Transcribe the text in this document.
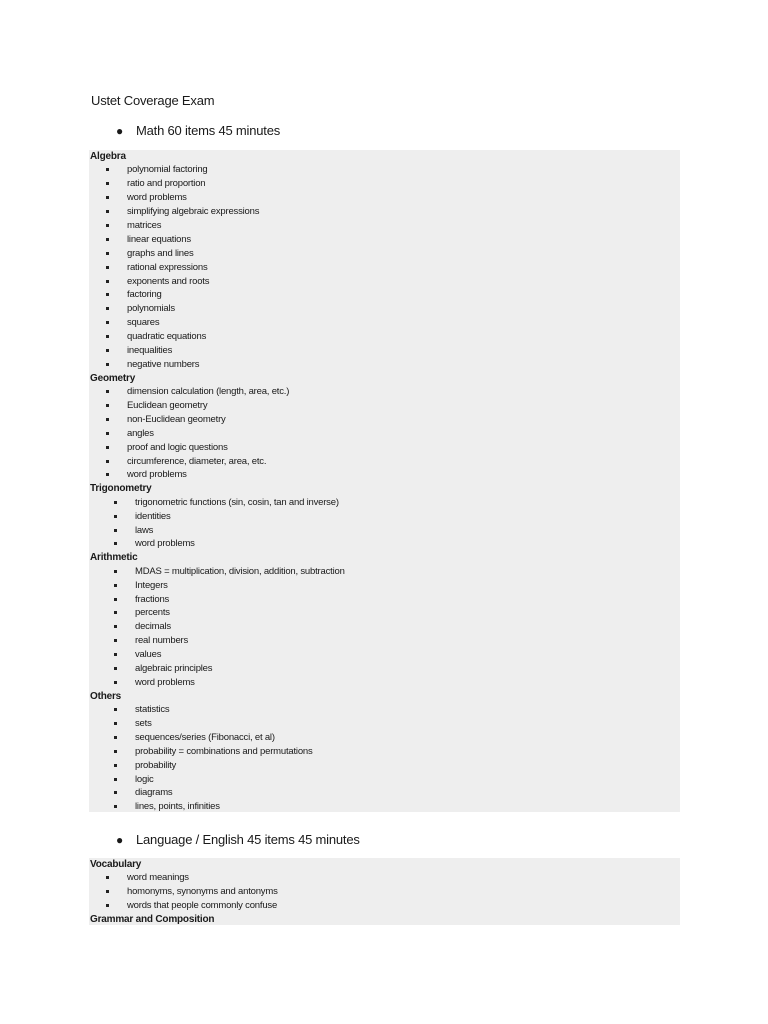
Ustet Coverage Exam
● Math 60 items 45 minutes
Algebra
polynomial factoring
ratio and proportion
word problems
simplifying algebraic expressions
matrices
linear equations
graphs and lines
rational expressions
exponents and roots
factoring
polynomials
squares
quadratic equations
inequalities
negative numbers
Geometry
dimension calculation (length, area, etc.)
Euclidean geometry
non-Euclidean geometry
angles
proof and logic questions
circumference, diameter, area, etc.
word problems
Trigonometry
trigonometric functions (sin, cosin, tan and inverse)
identities
laws
word problems
Arithmetic
MDAS = multiplication, division, addition, subtraction
Integers
fractions
percents
decimals
real numbers
values
algebraic principles
word problems
Others
statistics
sets
sequences/series (Fibonacci, et al)
probability = combinations and permutations
probability
logic
diagrams
lines, points, infinities
● Language / English 45 items 45 minutes
Vocabulary
word meanings
homonyms, synonyms and antonyms
words that people commonly confuse
Grammar and Composition
